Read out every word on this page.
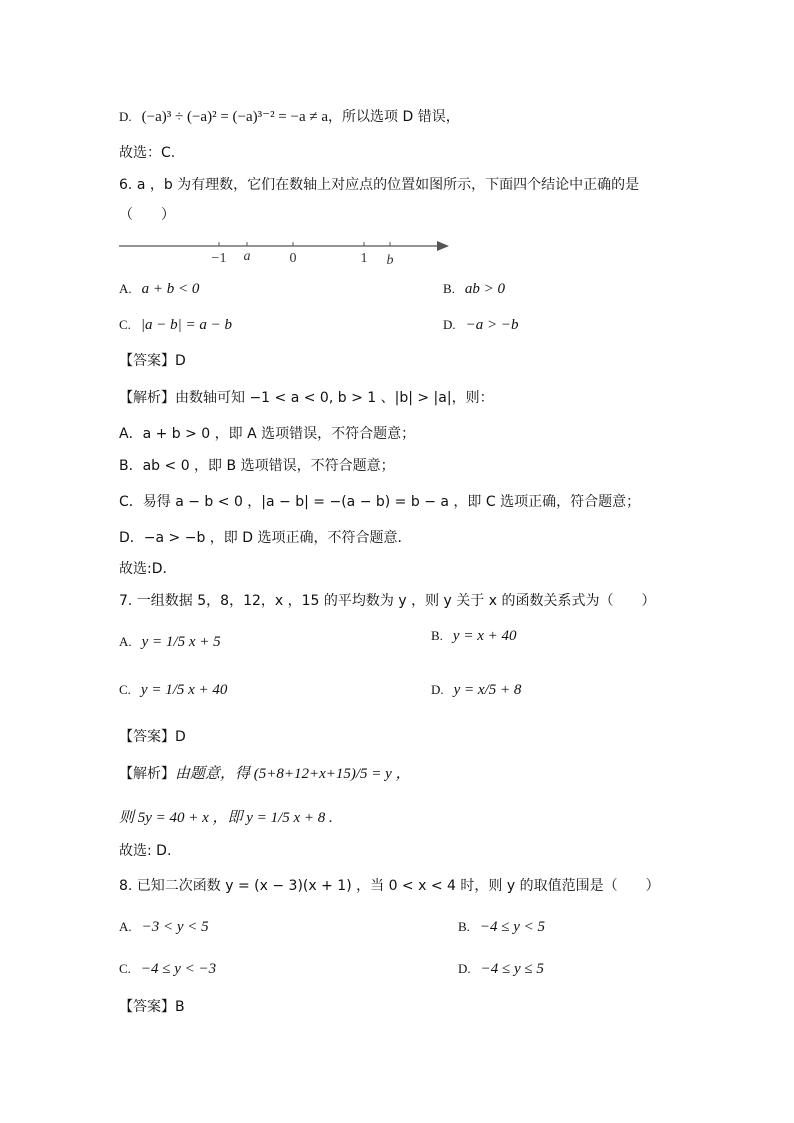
D. (−a)³ ÷ (−a)² = (−a)³⁻² = −a ≠ a，所以选项 D 错误，
故选：C.
6. a ，b 为有理数，它们在数轴上对应点的位置如图所示，下面四个结论中正确的是
（　　）
−1 a	0	1 b
A. a + b < 0	B. ab > 0
C. |a − b| = a − b	D. −a > −b
【答案】D
【解析】由数轴可知 −1 < a < 0, b > 1 、|b| > |a|，则：
A．a + b > 0 ，即 A 选项错误，不符合题意；
B．ab < 0 ，即 B 选项错误，不符合题意；
C．易得 a − b < 0 ，|a − b| = −(a − b) = b − a ，即 C 选项正确，符合题意；
D．−a > −b ，即 D 选项正确，不符合题意．
故选:D．
7. 一组数据 5，8，12，x ，15 的平均数为 y ，则 y 关于 x 的函数关系式为（　　）
A. y = 1/5 x + 5	B. y = x + 40
C. y = 1/5 x + 40	D. y = x/5 + 8
【答案】D
【解析】由题意，得 (5+8+12+x+15)/5 = y ，
则 5y = 40 + x ，即 y = 1/5 x + 8 .
故选: D.
8. 已知二次函数 y = (x − 3)(x + 1) ，当 0 < x < 4 时，则 y 的取值范围是（　　）
A. −3 < y < 5	B. −4 ≤ y < 5
C. −4 ≤ y < −3	D. −4 ≤ y ≤ 5
【答案】B
